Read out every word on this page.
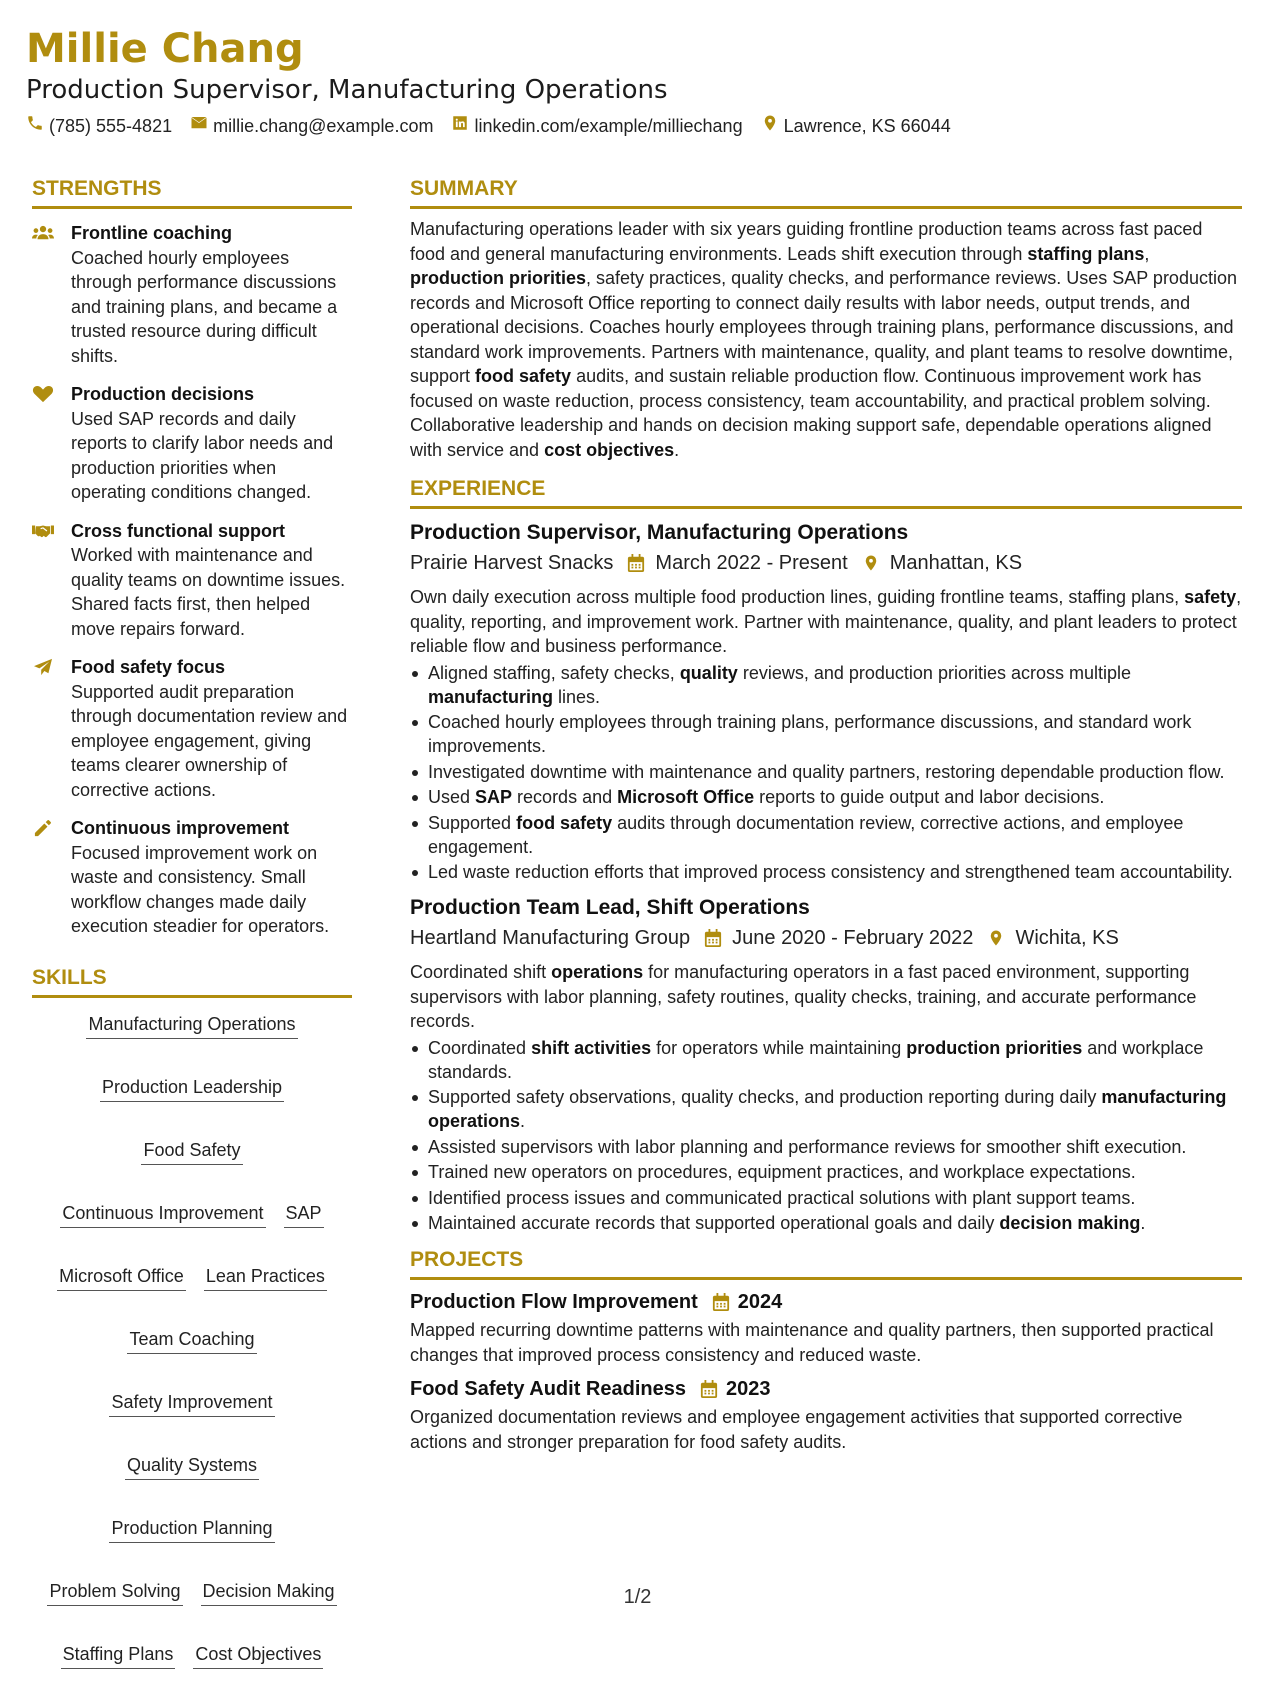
Millie Chang
Production Supervisor, Manufacturing Operations
(785) 555-4821 millie.chang@example.com linkedin.com/example/milliechang Lawrence, KS 66044
STRENGTHS
Frontline coaching
Coached hourly employees through performance discussions and training plans, and became a trusted resource during difficult shifts.
Production decisions
Used SAP records and daily reports to clarify labor needs and production priorities when operating conditions changed.
Cross functional support
Worked with maintenance and quality teams on downtime issues. Shared facts first, then helped move repairs forward.
Food safety focus
Supported audit preparation through documentation review and employee engagement, giving teams clearer ownership of corrective actions.
Continuous improvement
Focused improvement work on waste and consistency. Small workflow changes made daily execution steadier for operators.
SKILLS
Manufacturing Operations
Production Leadership
Food Safety
Continuous Improvement SAP
Microsoft Office Lean Practices
Team Coaching
Safety Improvement
Quality Systems
Production Planning
Problem Solving Decision Making
Staffing Plans Cost Objectives
SUMMARY
Manufacturing operations leader with six years guiding frontline production teams across fast paced food and general manufacturing environments. Leads shift execution through staffing plans, production priorities, safety practices, quality checks, and performance reviews. Uses SAP production records and Microsoft Office reporting to connect daily results with labor needs, output trends, and operational decisions. Coaches hourly employees through training plans, performance discussions, and standard work improvements. Partners with maintenance, quality, and plant teams to resolve downtime, support food safety audits, and sustain reliable production flow. Continuous improvement work has focused on waste reduction, process consistency, team accountability, and practical problem solving. Collaborative leadership and hands on decision making support safe, dependable operations aligned with service and cost objectives.
EXPERIENCE
Production Supervisor, Manufacturing Operations
Prairie Harvest Snacks March 2022 - Present Manhattan, KS
Own daily execution across multiple food production lines, guiding frontline teams, staffing plans, safety, quality, reporting, and improvement work. Partner with maintenance, quality, and plant leaders to protect reliable flow and business performance.
Aligned staffing, safety checks, quality reviews, and production priorities across multiple manufacturing lines.
Coached hourly employees through training plans, performance discussions, and standard work improvements.
Investigated downtime with maintenance and quality partners, restoring dependable production flow.
Used SAP records and Microsoft Office reports to guide output and labor decisions.
Supported food safety audits through documentation review, corrective actions, and employee engagement.
Led waste reduction efforts that improved process consistency and strengthened team accountability.
Production Team Lead, Shift Operations
Heartland Manufacturing Group June 2020 - February 2022 Wichita, KS
Coordinated shift operations for manufacturing operators in a fast paced environment, supporting supervisors with labor planning, safety routines, quality checks, training, and accurate performance records.
Coordinated shift activities for operators while maintaining production priorities and workplace standards.
Supported safety observations, quality checks, and production reporting during daily manufacturing operations.
Assisted supervisors with labor planning and performance reviews for smoother shift execution.
Trained new operators on procedures, equipment practices, and workplace expectations.
Identified process issues and communicated practical solutions with plant support teams.
Maintained accurate records that supported operational goals and daily decision making.
PROJECTS
Production Flow Improvement 2024
Mapped recurring downtime patterns with maintenance and quality partners, then supported practical changes that improved process consistency and reduced waste.
Food Safety Audit Readiness 2023
Organized documentation reviews and employee engagement activities that supported corrective actions and stronger preparation for food safety audits.
1/2
